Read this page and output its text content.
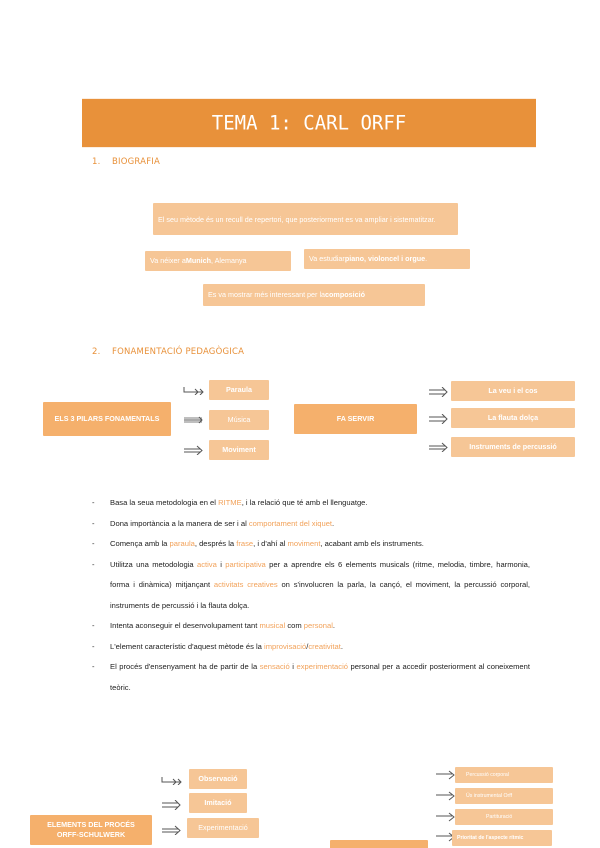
TEMA 1: CARL ORFF
1. BIOGRAFIA
El seu mètode és un recull de repertori, que posteriorment es va ampliar i sistematitzar.
Va néixer a Munich , Alemanya	Va estudiar piano, violoncel i orgue .
Es va mostrar més interessant per la composició
2. FONAMENTACIÓ PEDAGÒGICA
ELS 3 PILARS FONAMENTALS
Paraula
Música
Moviment
FA SERVIR
La veu i el cos
La flauta dolça
Instruments de percussió
- Basa la seua metodologia en el RITME, i la relació que té amb el llenguatge.
- Dona importància a la manera de ser i al comportament del xiquet.
- Comença amb la paraula, després la frase, i d'ahí al moviment, acabant amb els instruments.
- Utilitza una metodologia activa i participativa per a aprendre els 6 elements musicals (ritme, melodia, timbre, harmonia, forma i dinàmica) mitjançant activitats creatives on s'involucren la parla, la cançó, el moviment, la percussió corporal, instruments de percussió i la flauta dolça.
- Intenta aconseguir el desenvolupament tant musical com personal.
- L'element característic d'aquest mètode és la improvisació/creativitat.
- El procés d'ensenyament ha de partir de la sensació i experimentació personal per a accedir posteriorment al coneixement teòric.
Observació
Imitació
ELEMENTS DEL PROCÉS ORFF-SCHULWERK
Experimentació
Percussió corporal
Ús instrumental Orff
Partituració
Prioritat de l'aspecte rítmic
